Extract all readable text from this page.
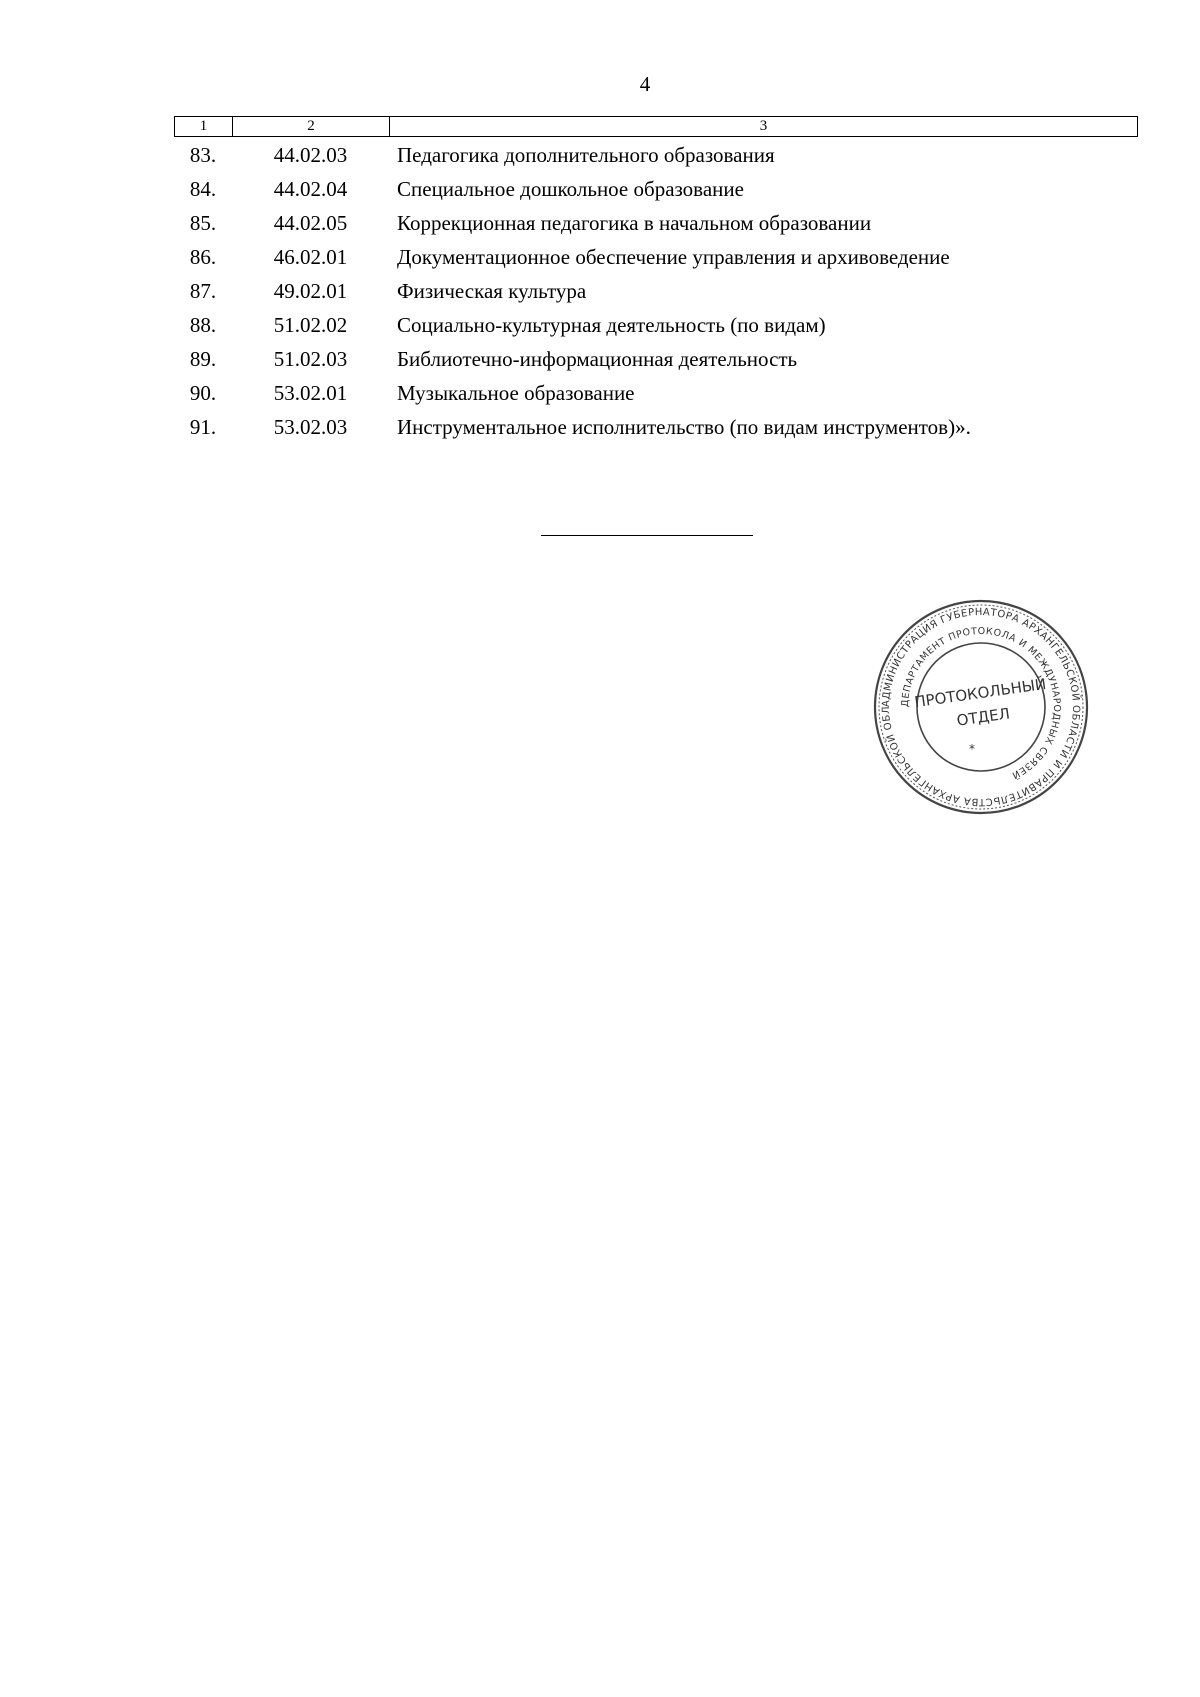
4
1	2	3
83.	44.02.03	Педагогика дополнительного образования
84.	44.02.04	Специальное дошкольное образование
85.	44.02.05	Коррекционная педагогика в начальном образовании
86.	46.02.01	Документационное обеспечение управления и архивоведение
87.	49.02.01	Физическая культура
88.	51.02.02	Социально-культурная деятельность (по видам)
89.	51.02.03	Библиотечно-информационная деятельность
90.	53.02.01	Музыкальное образование
91.	53.02.03	Инструментальное исполнительство (по видам инструментов)».
АДМИНИСТРАЦИЯ ГУБЕРНАТОРА АРХАНГЕЛЬСКОЙ ОБЛАСТИ И ПРАВИТЕЛЬСТВА АРХАНГЕЛЬСКОЙ ОБЛ
ДЕПАРТАМЕНТ ПРОТОКОЛА И МЕЖДУНАРОДНЫХ СВЯЗЕЙ
ПРОТОКОЛЬНЫЙ
ОТДЕЛ
*
